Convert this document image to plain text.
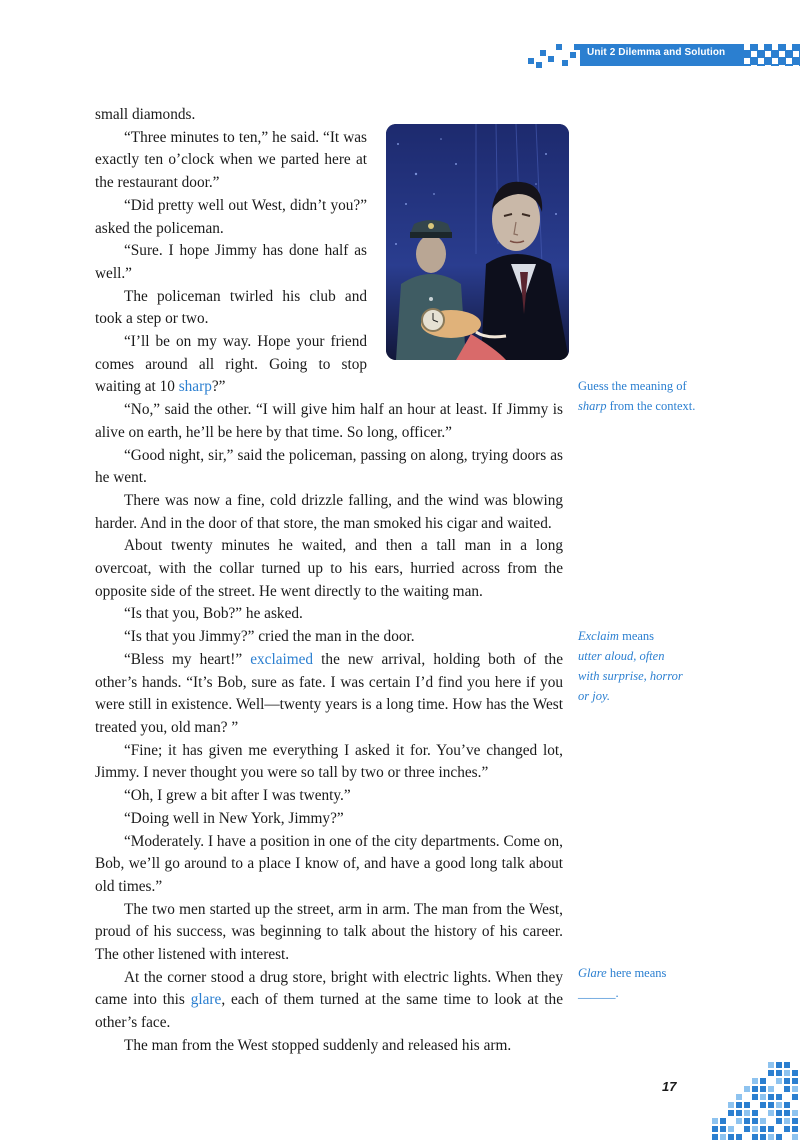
Unit 2 Dilemma and Solution

small diamonds.

“Three minutes to ten,” he said. “It was exactly ten o’clock when we parted here at the restaurant door.”

“Did pretty well out West, didn’t you?” asked the policeman.

“Sure. I hope Jimmy has done half as well.”

The policeman twirled his club and took a step or two.

“I’ll be on my way. Hope your friend comes around all right. Going to stop waiting at 10 sharp?”

“No,” said the other. “I will give him half an hour at least. If Jimmy is alive on earth, he’ll be here by that time. So long, officer.”

“Good night, sir,” said the policeman, passing on along, trying doors as he went.

There was now a fine, cold drizzle falling, and the wind was blowing harder. And in the door of that store, the man smoked his cigar and waited.

About twenty minutes he waited, and then a tall man in a long overcoat, with the collar turned up to his ears, hurried across from the opposite side of the street. He went directly to the waiting man.

“Is that you, Bob?” he asked.

“Is that you Jimmy?” cried the man in the door.

“Bless my heart!” exclaimed the new arrival, holding both of the other’s hands. “It’s Bob, sure as fate. I was certain I’d find you here if you were still in existence. Well—twenty years is a long time. How has the West treated you, old man? ”

“Fine; it has given me everything I asked it for. You’ve changed lot, Jimmy. I never thought you were so tall by two or three inches.”

“Oh, I grew a bit after I was twenty.”

“Doing well in New York, Jimmy?”

“Moderately. I have a position in one of the city departments. Come on, Bob, we’ll go around to a place I know of, and have a good long talk about old times.”

The two men started up the street, arm in arm. The man from the West, proud of his success, was beginning to talk about the history of his career. The other listened with interest.

At the corner stood a drug store, bright with electric lights. When they came into this glare, each of them turned at the same time to look at the other’s face.

The man from the West stopped suddenly and released his arm.

Guess the meaning of
sharp from the context.
Exclaim means
utter aloud, often
with surprise, horror
or joy.
Glare here means
______.
17
